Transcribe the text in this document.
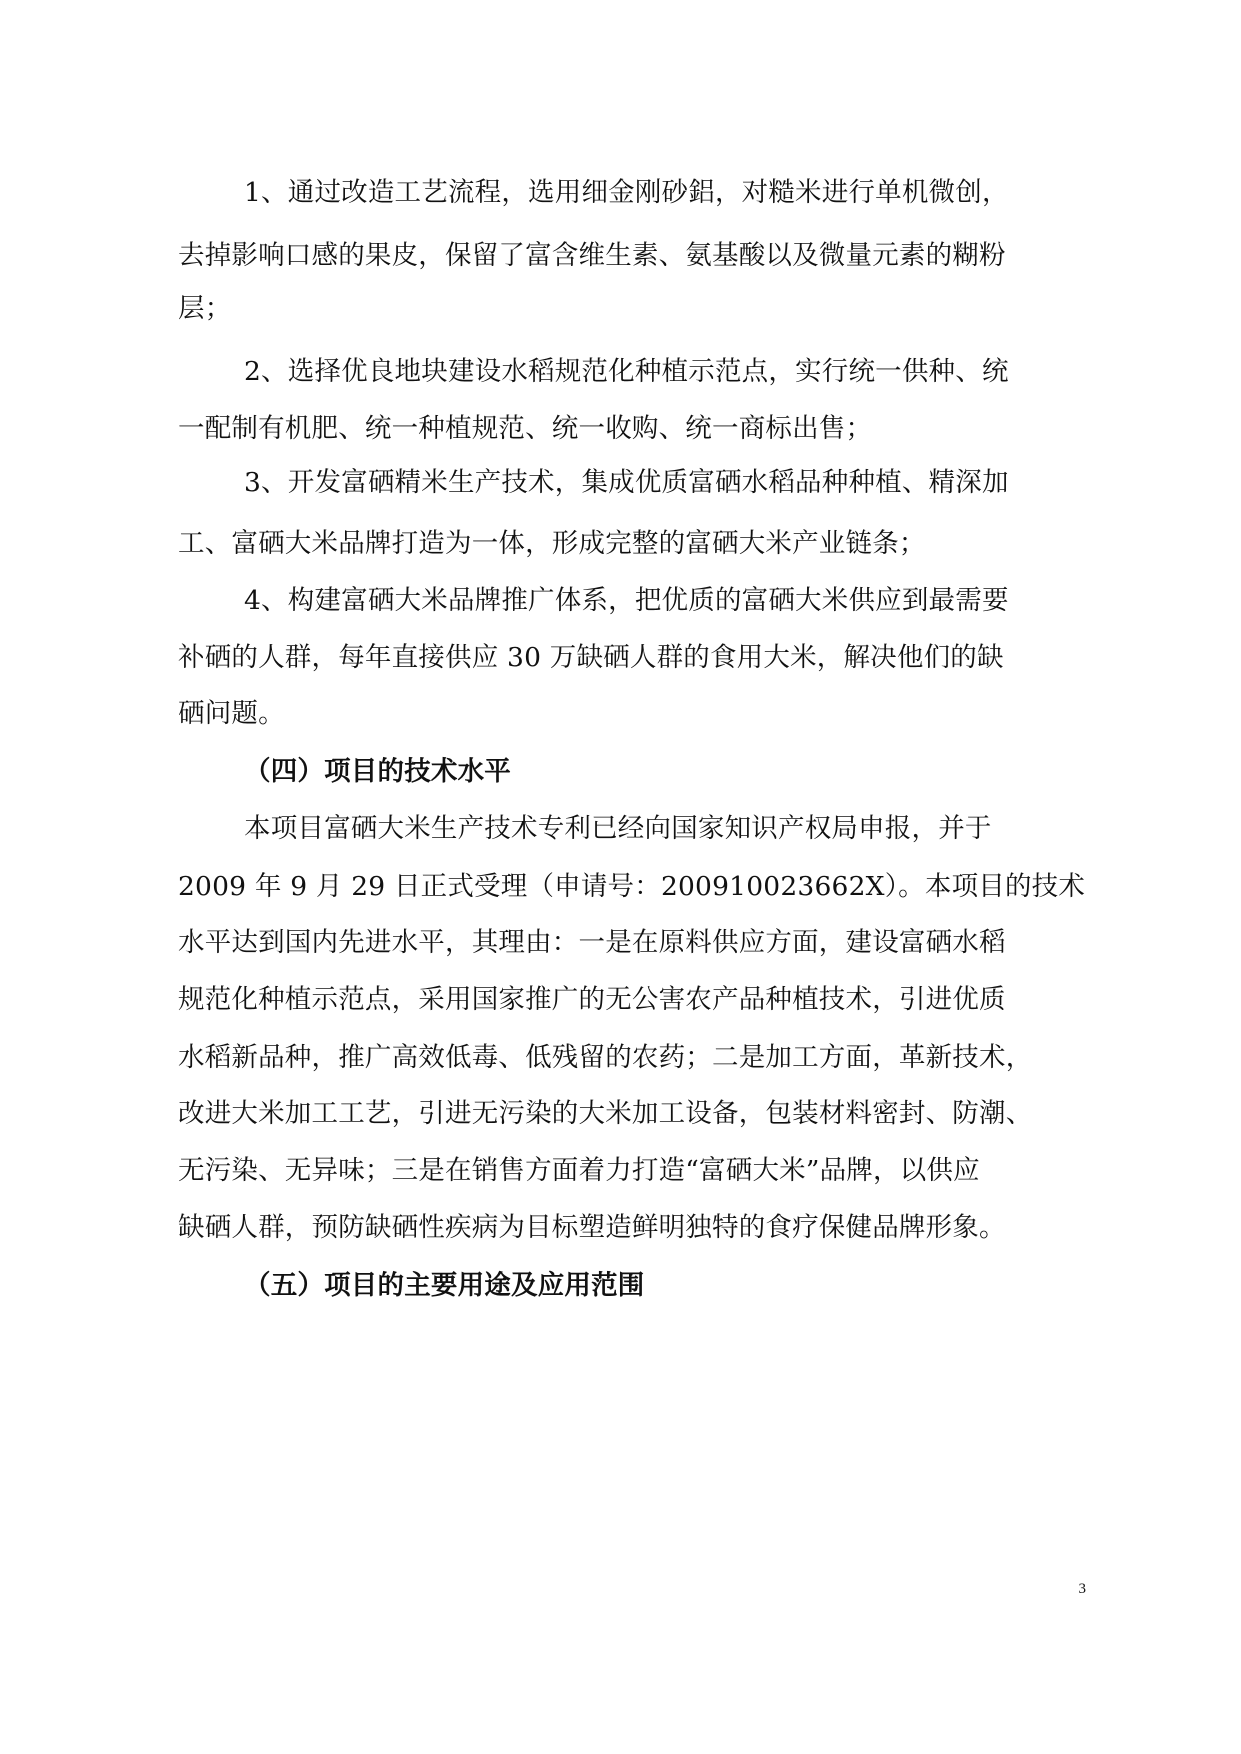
1、通过改造工艺流程，选用细金刚砂鋁，对糙米进行单机微创，
去掉影响口感的果皮，保留了富含维生素、氨基酸以及微量元素的糊粉
层；
2、选择优良地块建设水稻规范化种植示范点，实行统一供种、统
一配制有机肥、统一种植规范、统一收购、统一商标出售；
3、开发富硒精米生产技术，集成优质富硒水稻品种种植、精深加
工、富硒大米品牌打造为一体，形成完整的富硒大米产业链条；
4、构建富硒大米品牌推广体系，把优质的富硒大米供应到最需要
补硒的人群，每年直接供应 30 万缺硒人群的食用大米，解决他们的缺
硒问题。
（四）项目的技术水平
本项目富硒大米生产技术专利已经向国家知识产权局申报，并于
2009 年 9 月 29 日正式受理（申请号：200910023662X）。本项目的技术
水平达到国内先进水平，其理由：一是在原料供应方面，建设富硒水稻
规范化种植示范点，采用国家推广的无公害农产品种植技术，引进优质
水稻新品种，推广高效低毒、低残留的农药；二是加工方面，革新技术，
改进大米加工工艺，引进无污染的大米加工设备，包装材料密封、防潮、
无污染、无异味；三是在销售方面着力打造“富硒大米”品牌，以供应
缺硒人群，预防缺硒性疾病为目标塑造鲜明独特的食疗保健品牌形象。
（五）项目的主要用途及应用范围
3
